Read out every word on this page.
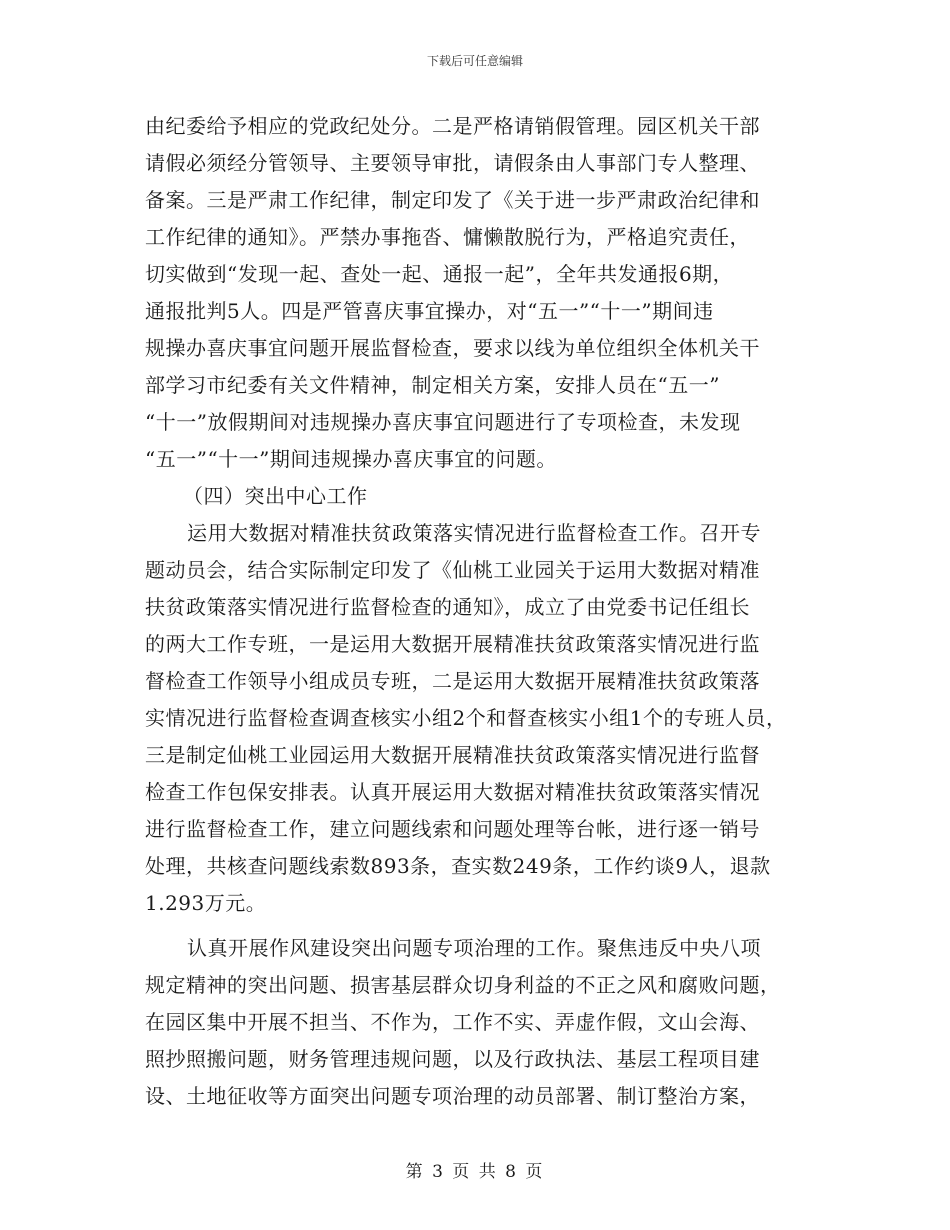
下载后可任意编辑
由纪委给予相应的党政纪处分。二是严格请销假管理。园区机关干部
请假必须经分管领导、主要领导审批，请假条由人事部门专人整理、
备案。三是严肃工作纪律，制定印发了《关于进一步严肃政治纪律和
工作纪律的通知》。严禁办事拖沓、慵懒散脱行为，严格追究责任，
切实做到“发现一起、查处一起、通报一起”，全年共发通报6期，
通报批判5人。四是严管喜庆事宜操办，对“五一”“十一”期间违
规操办喜庆事宜问题开展监督检查，要求以线为单位组织全体机关干
部学习市纪委有关文件精神，制定相关方案，安排人员在“五一”
“十一”放假期间对违规操办喜庆事宜问题进行了专项检查，未发现
“五一”“十一”期间违规操办喜庆事宜的问题。
（四）突出中心工作
运用大数据对精准扶贫政策落实情况进行监督检查工作。召开专
题动员会，结合实际制定印发了《仙桃工业园关于运用大数据对精准
扶贫政策落实情况进行监督检查的通知》，成立了由党委书记任组长
的两大工作专班，一是运用大数据开展精准扶贫政策落实情况进行监
督检查工作领导小组成员专班，二是运用大数据开展精准扶贫政策落
实情况进行监督检查调查核实小组2个和督查核实小组1个的专班人员，
三是制定仙桃工业园运用大数据开展精准扶贫政策落实情况进行监督
检查工作包保安排表。认真开展运用大数据对精准扶贫政策落实情况
进行监督检查工作，建立问题线索和问题处理等台帐，进行逐一销号
处理，共核查问题线索数893条，查实数249条，工作约谈9人，退款
1.293万元。
认真开展作风建设突出问题专项治理的工作。聚焦违反中央八项
规定精神的突出问题、损害基层群众切身利益的不正之风和腐败问题，
在园区集中开展不担当、不作为，工作不实、弄虚作假，文山会海、
照抄照搬问题，财务管理违规问题，以及行政执法、基层工程项目建
设、土地征收等方面突出问题专项治理的动员部署、制订整治方案，
第 3 页 共 8 页
